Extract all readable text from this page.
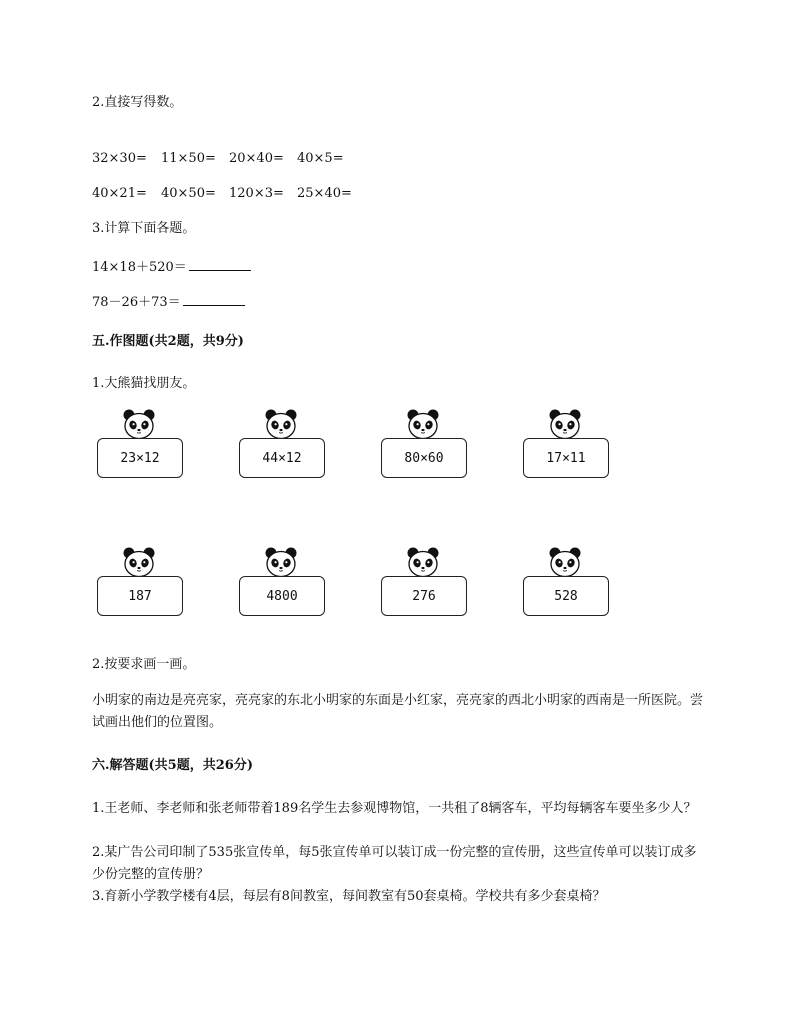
2.直接写得数。
32×30= 11×50= 20×40= 40×5=
40×21= 40×50= 120×3= 25×40=
3.计算下面各题。
14×18＋520＝
78－26＋73＝
五.作图题(共2题，共9分)
1.大熊猫找朋友。
23×12	44×12	80×60	17×11
187	4800	276	528
2.按要求画一画。
小明家的南边是亮亮家，亮亮家的东北小明家的东面是小红家，亮亮家的西北小明家的西南是一所医院。尝试画出他们的位置图。
六.解答题(共5题，共26分)
1.王老师、李老师和张老师带着189名学生去参观博物馆，一共租了8辆客车，平均每辆客车要坐多少人？
2.某广告公司印制了535张宣传单，每5张宣传单可以装订成一份完整的宣传册，这些宣传单可以装订成多少份完整的宣传册？
3.育新小学教学楼有4层，每层有8间教室，每间教室有50套桌椅。学校共有多少套桌椅？
